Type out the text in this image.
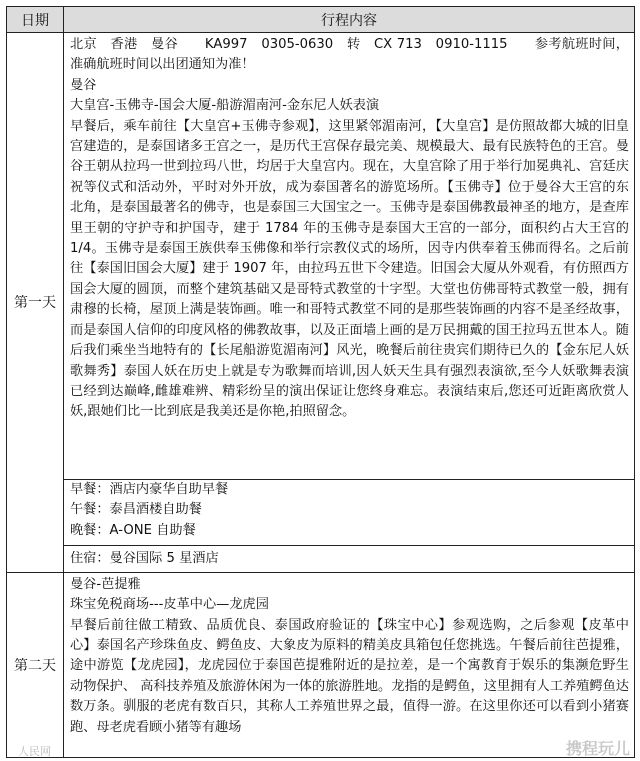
日期	行程内容
第一天	北京　香港　曼谷　　KA997　0305-0630　转　CX 713　0910-1115　　参考航班时间，准确航班时间以出团通知为准！

曼谷

大皇宫-玉佛寺-国会大厦-船游湄南河-金东尼人妖表演

早餐后，乘车前往【大皇宫+玉佛寺参观】，这里紧邻湄南河，【大皇宫】是仿照故都大城的旧皇宫建造的，是泰国诸多王宫之一，是历代王宫保存最完美、规模最大、最有民族特色的王宫。曼谷王朝从拉玛一世到拉玛八世，均居于大皇宫内。现在，大皇宫除了用于举行加冕典礼、宫廷庆祝等仪式和活动外，平时对外开放，成为泰国著名的游览场所。【玉佛寺】位于曼谷大王宫的东北角，是泰国最著名的佛寺，也是泰国三大国宝之一。玉佛寺是泰国佛教最神圣的地方，是查库里王朝的守护寺和护国寺，建于 1784 年的玉佛寺是泰国大王宫的一部分，面积约占大王宫的 1/4。玉佛寺是泰国王族供奉玉佛像和举行宗教仪式的场所，因寺内供奉着玉佛而得名。之后前往【泰国旧国会大厦】建于 1907 年，由拉玛五世下令建造。旧国会大厦从外观看，有仿照西方国会大厦的圆顶，而整个建筑基础又是哥特式教堂的十字型。大堂也仿佛哥特式教堂一般，拥有肃穆的长椅，屋顶上满是装饰画。唯一和哥特式教堂不同的是那些装饰画的内容不是圣经故事，而是泰国人信仰的印度风格的佛教故事，以及正面墙上画的是万民拥戴的国王拉玛五世本人。随后我们乘坐当地特有的【长尾船游览湄南河】风光，晚餐后前往贵宾们期待已久的【金东尼人妖歌舞秀】泰国人妖在历史上就是专为歌舞而培训,因人妖天生具有强烈表演欲,至今人妖歌舞表演已经到达巅峰,雌雄难辨、精彩纷呈的演出保证让您终身难忘。表演结束后,您还可近距离欣赏人妖,跟她们比一比到底是我美还是你艳,拍照留念。

	早餐：酒店内豪华自助早餐
	午餐：泰昌酒楼自助餐
	晚餐：A-ONE 自助餐
	住宿：曼谷国际 5 星酒店
第二天	曼谷-芭提雅

珠宝免税商场---皮革中心—龙虎园

早餐后前往做工精致、品质优良、泰国政府验证的【珠宝中心】参观选购，之后参观【皮革中心】泰国名产珍珠鱼皮、鳄鱼皮、大象皮为原料的精美皮具箱包任您挑选。午餐后前往芭提雅，途中游览【龙虎园】，龙虎园位于泰国芭提雅附近的是拉差，是一个寓教育于娱乐的集濒危野生动物保护、 高科技养殖及旅游休闲为一体的旅游胜地。龙指的是鳄鱼，这里拥有人工养殖鳄鱼达数万条。驯服的老虎有数百只，其称人工养殖世界之最，值得一游。在这里你还可以看到小猪赛跑、母老虎看顾小猪等有趣场

人民网	携程玩儿
